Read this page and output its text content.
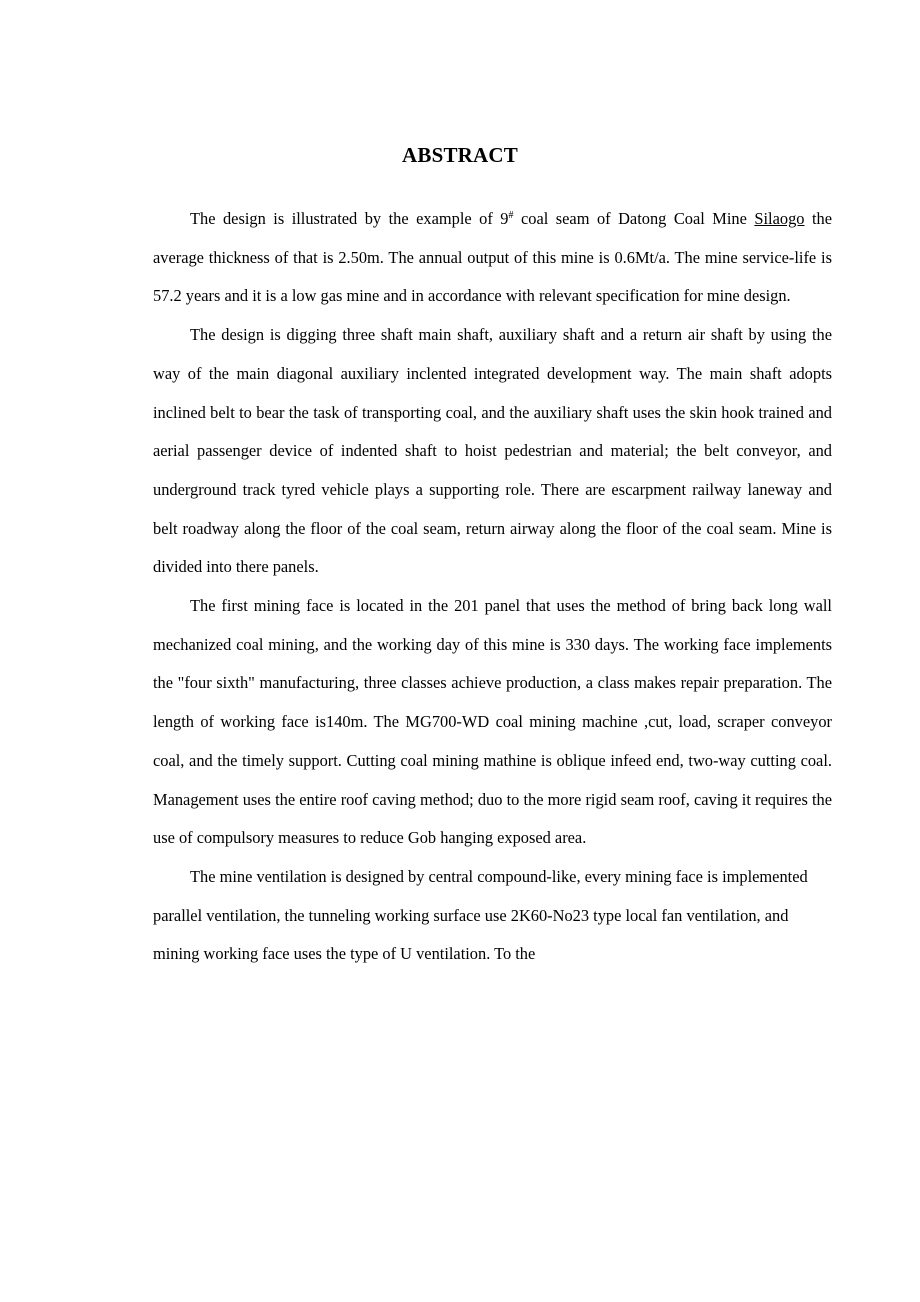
ABSTRACT

The design is illustrated by the example of 9# coal seam of Datong Coal Mine Silaogo the average thickness of that is 2.50m. The annual output of this mine is 0.6Mt/a. The mine service-life is 57.2 years and it is a low gas mine and in accordance with relevant specification for mine design.

The design is digging three shaft main shaft, auxiliary shaft and a return air shaft by using the way of the main diagonal auxiliary inclented integrated development way. The main shaft adopts inclined belt to bear the task of transporting coal, and the auxiliary shaft uses the skin hook trained and aerial passenger device of indented shaft to hoist pedestrian and material; the belt conveyor, and underground track tyred vehicle plays a supporting role. There are escarpment railway laneway and belt roadway along the floor of the coal seam, return airway along the floor of the coal seam. Mine is divided into there panels.

The first mining face is located in the 201 panel that uses the method of bring back long wall mechanized coal mining, and the working day of this mine is 330 days. The working face implements the "four sixth" manufacturing, three classes achieve production, a class makes repair preparation. The length of working face is140m. The MG700-WD coal mining machine ,cut, load, scraper conveyor coal, and the timely support. Cutting coal mining mathine is oblique infeed end, two-way cutting coal. Management uses the entire roof caving method; duo to the more rigid seam roof, caving it requires the use of compulsory measures to reduce Gob hanging exposed area.

The mine ventilation is designed by central compound-like, every mining face is implemented parallel ventilation, the tunneling working surface use 2K60-No23 type local fan ventilation, and mining working face uses the type of U ventilation. To the
